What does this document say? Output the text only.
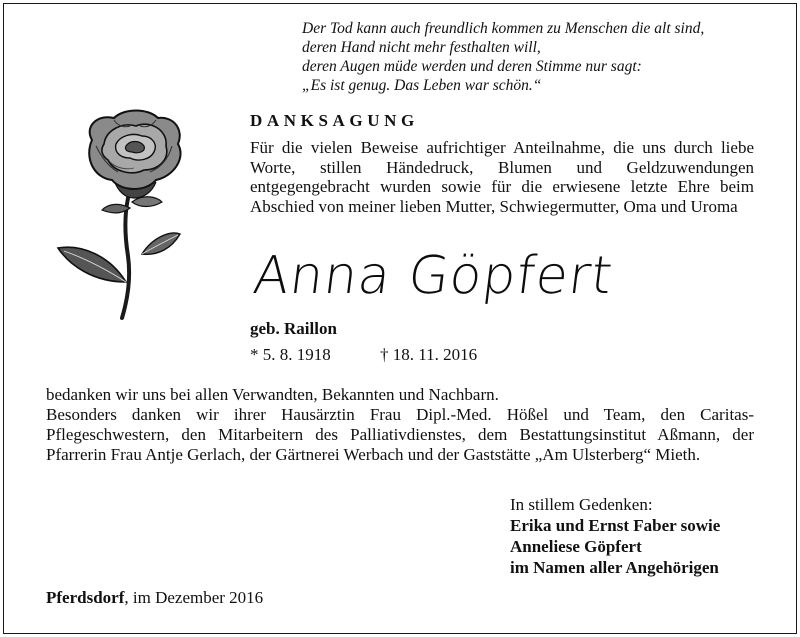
Der Tod kann auch freundlich kommen zu Menschen die alt sind,
deren Hand nicht mehr festhalten will,
deren Augen müde werden und deren Stimme nur sagt:
„Es ist genug. Das Leben war schön.“
DANKSAGUNG
Für die vielen Beweise aufrichtiger Anteilnahme, die uns durch liebe Worte, stillen Händedruck, Blumen und Geldzuwendungen entgegengebracht wurden sowie für die erwiesene letzte Ehre beim Abschied von meiner lieben Mutter, Schwiegermutter, Oma und Uroma
Anna Göpfert
geb. Raillon
* 5. 8. 1918	† 18. 11. 2016

bedanken wir uns bei allen Verwandten, Bekannten und Nachbarn.

Besonders danken wir ihrer Hausärztin Frau Dipl.-Med. Hößel und Team, den Caritas-Pflegeschwestern, den Mitarbeitern des Palliativdienstes, dem Bestattungsinstitut Aßmann, der Pfarrerin Frau Antje Gerlach, der Gärtnerei Werbach und der Gaststätte „Am Ulsterberg“ Mieth.

In stillem Gedenken:
Erika und Ernst Faber sowie
Anneliese Göpfert
im Namen aller Angehörigen
Pferdsdorf, im Dezember 2016
